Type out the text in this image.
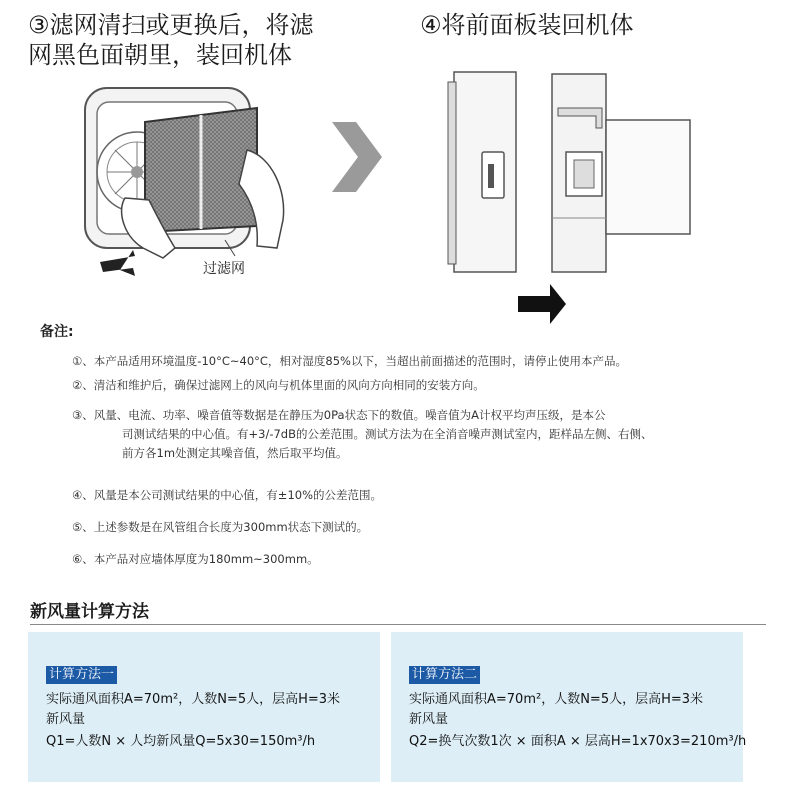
③滤网清扫或更换后，将滤
网黑色面朝里，装回机体
④将前面板装回机体
过滤网
备注:
①、本产品适用环境温度-10°C~40°C，相对湿度85%以下，当超出前面描述的范围时，请停止使用本产品。
②、清洁和维护后，确保过滤网上的风向与机体里面的风向方向相同的安装方向。
③、风量、电流、功率、噪音值等数据是在静压为0Pa状态下的数值。噪音值为A计权平均声压级，是本公
司测试结果的中心值。有+3/-7dB的公差范围。测试方法为在全消音噪声测试室内，距样品左侧、右侧、
前方各1m处测定其噪音值，然后取平均值。
④、风量是本公司测试结果的中心值，有±10%的公差范围。
⑤、上述参数是在风管组合长度为300mm状态下测试的。
⑥、本产品对应墙体厚度为180mm~300mm。
新风量计算方法
计算方法一
实际通风面积A=70m²，人数N=5人，层高H=3米
新风量
Q1=人数N × 人均新风量Q=5x30=150m³/h
计算方法二
实际通风面积A=70m²，人数N=5人，层高H=3米
新风量
Q2=换气次数1次 × 面积A × 层高H=1x70x3=210m³/h
